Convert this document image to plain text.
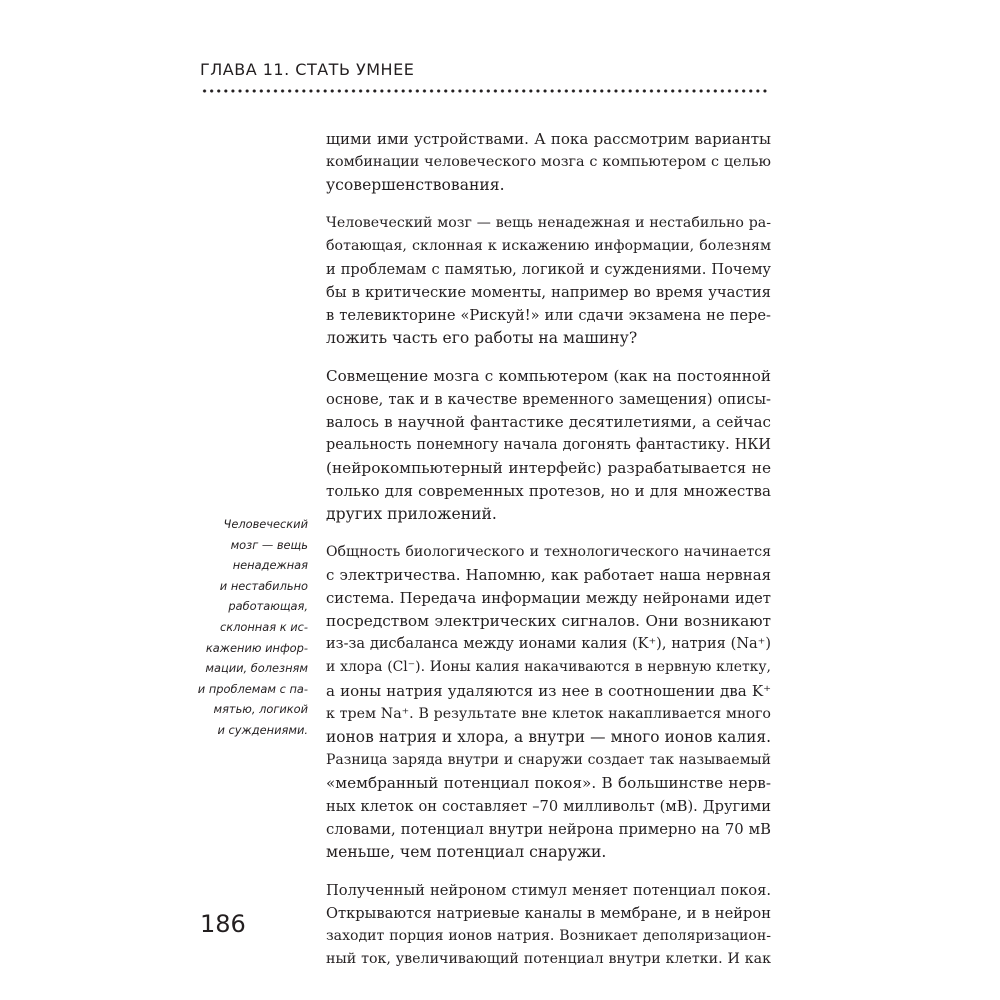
ГЛАВА 11. СТАТЬ УМНЕЕ

щими ими устройствами. А пока рассмотрим варианты
комбинации человеческого мозга с компьютером с целью
усовершенствования.

Человеческий мозг — вещь ненадежная и нестабильно ра-
ботающая, склонная к искажению информации, болезням
и проблемам с памятью, логикой и суждениями. Почему
бы в критические моменты, например во время участия
в телевикторине «Рискуй!» или сдачи экзамена не пере-
ложить часть его работы на машину?

Совмещение мозга с компьютером (как на постоянной
основе, так и в качестве временного замещения) описы-
валось в научной фантастике десятилетиями, а сейчас
реальность понемногу начала догонять фантастику. НКИ
(нейрокомпьютерный интерфейс) разрабатывается не
только для современных протезов, но и для множества
других приложений.

Общность биологического и технологического начинается
с электричества. Напомню, как работает наша нервная
система. Передача информации между нейронами идет
посредством электрических сигналов. Они возникают
из-за дисбаланса между ионами калия (K⁺), натрия (Na⁺)
и хлора (Cl⁻). Ионы калия накачиваются в нервную клетку,
а ионы натрия удаляются из нее в соотношении два K⁺
к трем Na⁺. В результате вне клеток накапливается много
ионов натрия и хлора, а внутри — много ионов калия.
Разница заряда внутри и снаружи создает так называемый
«мембранный потенциал покоя». В большинстве нерв-
ных клеток он составляет –70 милливольт (мВ). Другими
словами, потенциал внутри нейрона примерно на 70 мВ
меньше, чем потенциал снаружи.

Полученный нейроном стимул меняет потенциал покоя.
Открываются натриевые каналы в мембране, и в нейрон
заходит порция ионов натрия. Возникает деполяризацион-
ный ток, увеличивающий потенциал внутри клетки. И как

Человеческий
мозг — вещь
ненадежная
и нестабильно
работающая,
склонная к ис-
кажению инфор-
мации, болезням
и проблемам с па-
мятью, логикой
и суждениями.
186
